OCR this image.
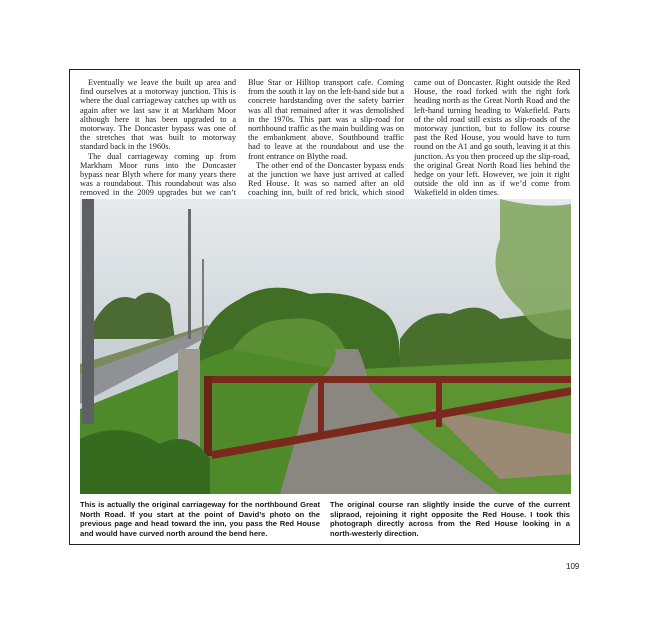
Eventually we leave the built up area and find ourselves at a motorway junction. This is where the dual carriageway catches up with us again after we last saw it at Markham Moor although here it has been upgraded to a motorway. The Doncaster bypass was one of the stretches that was built to motorway standard back in the 1960s.

The dual carriageway coming up from Markham Moor runs into the Doncaster bypass near Blyth where for many years there was a roundabout. This roundabout was also removed in the 2009 upgrades but we can’t

Blue Star or Hilltop transport cafe. Coming from the south it lay on the left-hand side but a concrete hardstanding over the safety barrier was all that remained after it was demolished in the 1970s. This part was a slip-road for northbound traffic as the main building was on the embankment above. Southbound traffic had to leave at the roundabout and use the front entrance on Blythe road.

The other end of the Doncaster bypass ends at the junction we have just arrived at called Red House. It was so named after an old coaching inn, built of red brick, which stood

came out of Doncaster. Right outside the Red House, the road forked with the right fork heading north as the Great North Road and the left-hand turning heading to Wakefield. Parts of the old road still exists as slip-roads of the motorway junction, but to follow its course past the Red House, you would have to turn round on the A1 and go south, leaving it at this junction. As you then proceed up the slip-road, the original Great North Road lies behind the hedge on your left. However, we join it right outside the old inn as if we’d come from Wakefield in olden times.

This is actually the original carriageway for the northbound Great North Road. If you start at the point of David’s photo on the previous page and head toward the inn, you pass the Red House and would have curved north around the bend here.
The original course ran slightly inside the curve of the current slipraod, rejoining it right opposite the Red House. I took this photograph directly across from the Red House looking in a north-westerly direction.
109
